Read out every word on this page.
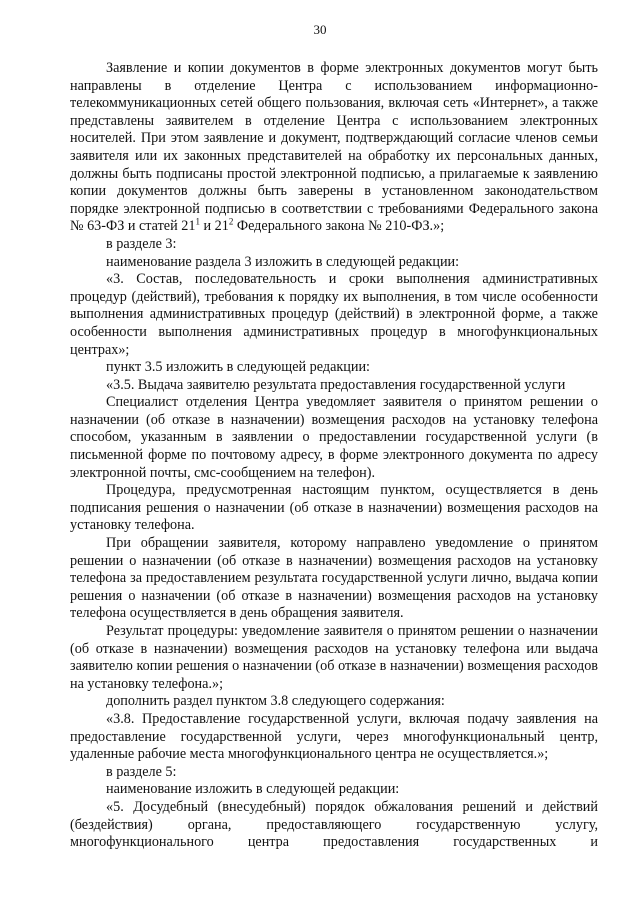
30

Заявление и копии документов в форме электронных документов могут быть направлены в отделение Центра с использованием информационно-телекоммуникационных сетей общего пользования, включая сеть «Интернет», а также представлены заявителем в отделение Центра с использованием электронных носителей. При этом заявление и документ, подтверждающий согласие членов семьи заявителя или их законных представителей на обработку их персональных данных, должны быть подписаны простой электронной подписью, а прилагаемые к заявлению копии документов должны быть заверены в установленном законодательством порядке электронной подписью в соответствии с требованиями Федерального закона № 63-ФЗ и статей $21^1$ и $21^2$ Федерального закона № 210-ФЗ.»;

в разделе 3:

наименование раздела 3 изложить в следующей редакции:

«3. Состав, последовательность и сроки выполнения административных процедур (действий), требования к порядку их выполнения, в том числе особенности выполнения административных процедур (действий) в электронной форме, а также особенности выполнения административных процедур в многофункциональных центрах»;

пункт 3.5 изложить в следующей редакции:

«3.5. Выдача заявителю результата предоставления государственной услуги

Специалист отделения Центра уведомляет заявителя о принятом решении о назначении (об отказе в назначении) возмещения расходов на установку телефона способом, указанным в заявлении о предоставлении государственной услуги (в письменной форме по почтовому адресу, в форме электронного документа по адресу электронной почты, смс-сообщением на телефон).

Процедура, предусмотренная настоящим пунктом, осуществляется в день подписания решения о назначении (об отказе в назначении) возмещения расходов на установку телефона.

При обращении заявителя, которому направлено уведомление о принятом решении о назначении (об отказе в назначении) возмещения расходов на установку телефона за предоставлением результата государственной услуги лично, выдача копии решения о назначении (об отказе в назначении) возмещения расходов на установку телефона осуществляется в день обращения заявителя.

Результат процедуры: уведомление заявителя о принятом решении о назначении (об отказе в назначении) возмещения расходов на установку телефона или выдача заявителю копии решения о назначении (об отказе в назначении) возмещения расходов на установку телефона.»;

дополнить раздел пунктом 3.8 следующего содержания:

«3.8. Предоставление государственной услуги, включая подачу заявления на предоставление государственной услуги, через многофункциональный центр, удаленные рабочие места многофункционального центра не осуществляется.»;

в разделе 5:

наименование изложить в следующей редакции:

«5. Досудебный (внесудебный) порядок обжалования решений и действий (бездействия) органа, предоставляющего государственную услугу, многофункционального центра предоставления государственных и
